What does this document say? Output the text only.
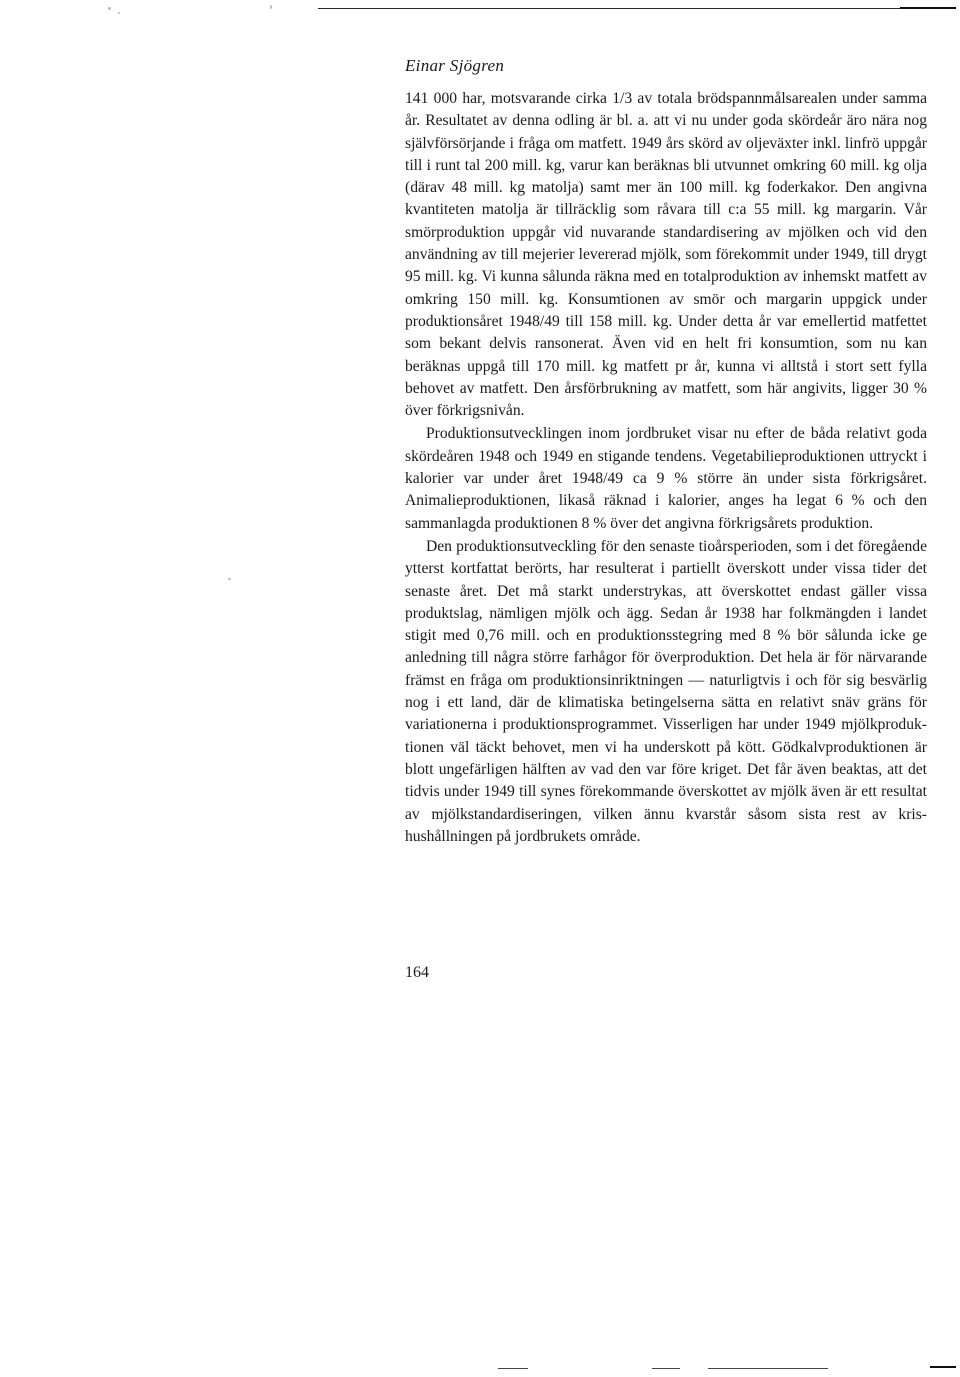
Einar Sjögren

141 000 har, motsvarande cirka 1/3 av totala brödspannmålsarealen under samma år. Resultatet av denna odling är bl. a. att vi nu under goda skördeår äro nära nog självförsörjande i fråga om matfett. 1949 års skörd av oljeväxter inkl. linfrö uppgår till i runt tal 200 mill. kg, varur kan beräknas bli utvunnet omkring 60 mill. kg olja (därav 48 mill. kg matolja) samt mer än 100 mill. kg foderkakor. Den angivna kvantiteten matolja är tillräcklig som råvara till c:a 55 mill. kg margarin. Vår smörproduktion uppgår vid nuvarande standardisering av mjölken och vid den användning av till mejerier levererad mjölk, som förekommit under 1949, till drygt 95 mill. kg. Vi kunna sålunda räkna med en totalproduktion av inhemskt matfett av omkring 150 mill. kg. Konsumtionen av smör och margarin uppgick under produktionsåret 1948/49 till 158 mill. kg. Under detta år var emellertid matfettet som bekant delvis ransonerat. Även vid en helt fri konsumtion, som nu kan beräknas uppgå till 170 mill. kg matfett pr år, kunna vi alltstå i stort sett fylla behovet av matfett. Den årsförbrukning av matfett, som här angivits, ligger 30 % över förkrigsnivån.

Produktionsutvecklingen inom jordbruket visar nu efter de båda relativt goda skördeåren 1948 och 1949 en stigande tendens. Vegetabilieproduktionen uttryckt i kalorier var under året 1948/49 ca 9 % större än under sista förkrigsåret. Animalieproduktionen, likaså räknad i kalorier, anges ha legat 6 % och den sammanlagda produktionen 8 % över det angivna förkrigsårets produktion.

Den produktionsutveckling för den senaste tioårsperioden, som i det föregående ytterst kortfattat berörts, har resulterat i partiellt överskott under vissa tider det senaste året. Det må starkt understrykas, att överskottet endast gäller vissa produktslag, nämligen mjölk och ägg. Sedan år 1938 har folkmängden i landet stigit med 0,76 mill. och en produktionsstegring med 8 % bör sålunda icke ge anledning till några större farhågor för överproduktion. Det hela är för närvarande främst en fråga om produktionsinriktningen — naturligtvis i och för sig besvärlig nog i ett land, där de klimatiska betingelserna sätta en relativt snäv gräns för variationerna i produktionsprogrammet. Visserligen har under 1949 mjölkproduktionen väl täckt behovet, men vi ha underskott på kött. Gödkalvproduktionen är blott ungefärligen hälften av vad den var före kriget. Det får även beaktas, att det tidvis under 1949 till synes förekommande överskottet av mjölk även är ett resultat av mjölkstandardiseringen, vilken ännu kvarstår såsom sista rest av krishushållningen på jordbrukets område.

164
